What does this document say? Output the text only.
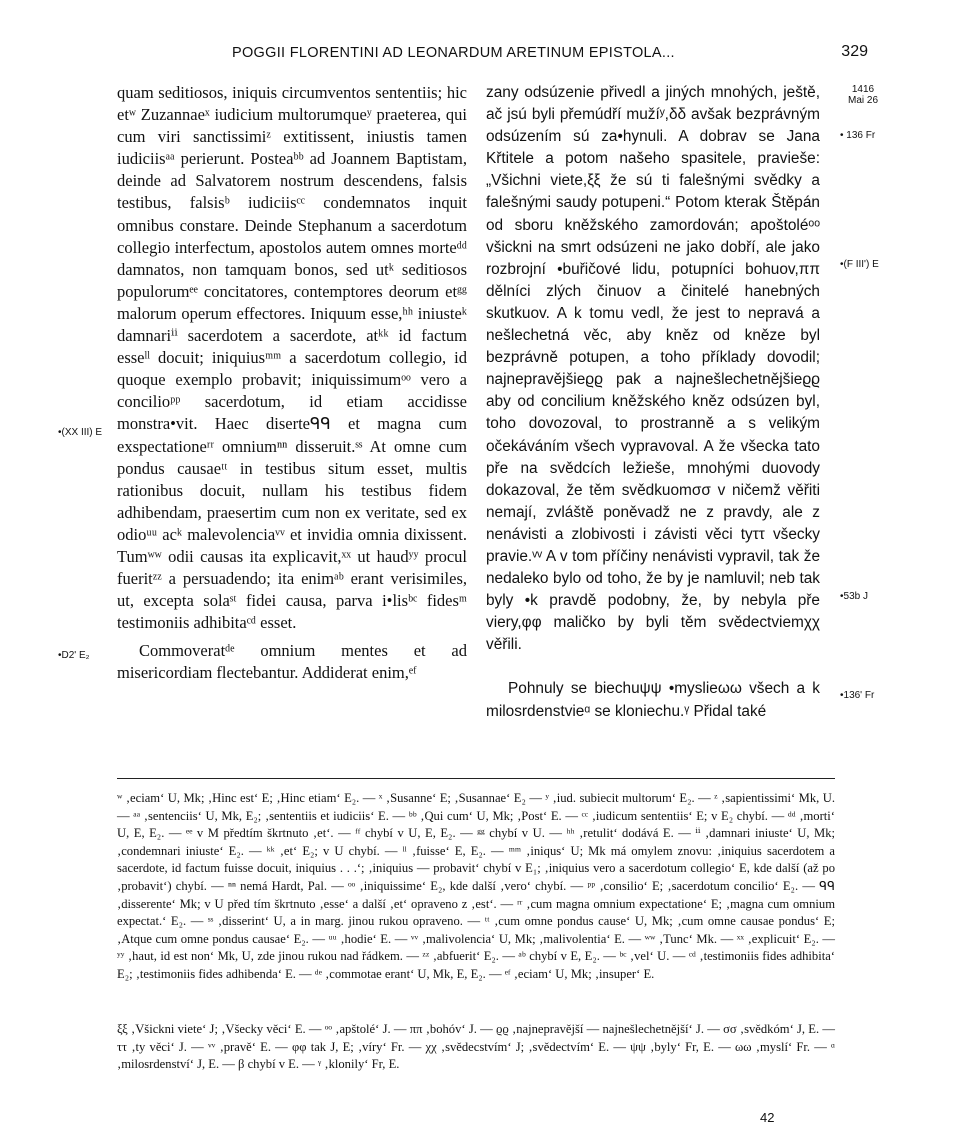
POGGII FLORENTINI AD LEONARDUM ARETINUM EPISTOLA...	329
•(XX III) E
•D2' E₂

quam seditiosos, iniquis circumventos sententiis; hic etʷ Zuzannaeˣ iudicium multorumqueʸ praeterea, qui cum viri sanctissimiᶻ extitissent, iniustis tamen iudiciisᵃᵃ perierunt. Posteaᵇᵇ ad Joannem Baptistam, deinde ad Salvatorem nostrum descendens, falsis testibus, falsisᵇ iudiciisᶜᶜ condemnatos inquit omnibus constare. Deinde Stephanum a sacerdotum collegio interfectum, apostolos autem omnes morteᵈᵈ damnatos, non tamquam bonos, sed utᵏ seditiosos populorumᵉᵉ concitatores, contemptores deorum etᵍᵍ malorum operum effectores. Iniquum esse,ʰʰ iniusteᵏ damnariⁱⁱ sacerdotem a sacerdote, atᵏᵏ id factum esseˡˡ docuit; iniquiusᵐᵐ a sacerdotum collegio, id quoque exemplo probavit; iniquissimumᵒᵒ vero a concilioᵖᵖ sacerdotum, id etiam accidisse monstra•vit. Haec diserteᑫᑫ et magna cum exspectationeʳʳ omniumⁿⁿ disseruit.ˢˢ At omne cum pondus causaeᵗᵗ in testibus situm esset, multis rationibus docuit, nullam his testibus fidem adhibendam, praesertim cum non ex veritate, sed ex odioᵘᵘ acᵏ malevolenciaᵛᵛ et invidia omnia dixissent. Tumʷʷ odii causas ita explicavit,ˣˣ ut haudʸʸ procul fueritᶻᶻ a persuadendo; ita enimᵃᵇ erant verisimiles, ut, excepta solaˢᵗ fidei causa, parva i•lisᵇᶜ fidesᵐ testimoniis adhibitaᶜᵈ esset.

Commoveratᵈᵉ omnium mentes et ad misericordiam flectebantur. Addiderat enim,ᵉᶠ

zany odsúzenie přivedl a jiných mnohých, ještě, ač jsú byli přemúdří mužíʸ,δδ avšak bezprávným odsúzením sú za•hynuli. A dobrav se Jana Křtitele a potom našeho spasitele, pravieše: „Všichni viete,ξξ že sú ti falešnými svědky a falešnými saudy potupeni.“ Potom kterak Štěpán od sboru kněžského zamordován; apoštoléᵒᵒ všickni na smrt odsúzeni ne jako dobří, ale jako rozbrojní •buřičové lidu, potupníci bohuov,ππ dělníci zlých činuov a činitelé hanebných skutkuov. A k tomu vedl, že jest to nepravá a nešlechetná věc, aby kněz od kněze byl bezprávně potupen, a toho příklady dovodil; najnepravějšieϱϱ pak a najnešlechetnějšieϱϱ aby od concilium kněžského kněz odsúzen byl, toho dovozoval, to prostranně a s velikým očekáváním všech vypravoval. A že všecka tato pře na svědcích ležieše, mnohými duovody dokazoval, že těm svědkuomσσ v ničemž věřiti nemají, zvláště poněvadž ne z pravdy, ale z nenávisti a zlobivosti i závisti věci tyττ všecky pravie.ᵛᵛ A v tom příčiny nenávisti vypravil, tak že nedaleko bylo od toho, že by je namluvil; neb tak byly •k pravdě podobny, že, by nebyla pře viery,φφ maličko by byli těm svědectviemχχ věřili.

Pohnuly se biechuψψ •myslieωω všech a k milosrdenstvieᵅ se kloniechu.ᵞ Přidal také

1416
Mai 26
• 136 Fr
•(F III') E
•53b J
•136' Fr

ʷ ‚eciam‘ U, Mk; ‚Hinc est‘ E; ‚Hinc etiam‘ E₂. — ˣ ‚Susanne‘ E; ‚Susannae‘ E₂ — ʸ ‚iud. subiecit multorum‘ E₂. — ᶻ ‚sapientissimi‘ Mk, U. — ᵃᵃ ‚sentenciis‘ U, Mk, E₂; ‚sententiis et iudiciis‘ E. — ᵇᵇ ‚Qui cum‘ U, Mk; ‚Post‘ E. — ᶜᶜ ‚iudicum sententiis‘ E; v E₂ chybí. — ᵈᵈ ‚morti‘ U, E, E₂. — ᵉᵉ v M předtím škrtnuto ‚et‘. — ᶠᶠ chybí v U, E, E₂. — ᵍᵍ chybí v U. — ʰʰ ‚retulit‘ dodává E. — ⁱⁱ ‚damnari iniuste‘ U, Mk; ‚condemnari iniuste‘ E₂. — ᵏᵏ ‚et‘ E₂; v U chybí. — ˡˡ ‚fuisse‘ E, E₂. — ᵐᵐ ‚iniqus‘ U; Mk má omylem znovu: ‚iniquius sacerdotem a sacerdote, id factum fuisse docuit, iniquius . . .‘; ‚iniquius — probavit‘ chybí v E₁; ‚iniquius vero a sacerdotum collegio‘ E, kde další (až po ‚probavit‘) chybí. — ⁿⁿ nemá Hardt, Pal. — ᵒᵒ ‚iniquissime‘ E₂, kde další ‚vero‘ chybí. — ᵖᵖ ‚consilio‘ E; ‚sacerdotum concilio‘ E₂. — ᑫᑫ ‚disserente‘ Mk; v U před tím škrtnuto ‚esse‘ a další ‚et‘ opraveno z ‚est‘. — ʳʳ ‚cum magna omnium expectatione‘ E; ‚magna cum omnium expectat.‘ E₂. — ˢˢ ‚disserint‘ U, a in marg. jinou rukou opraveno. — ᵗᵗ ‚cum omne pondus cause‘ U, Mk; ‚cum omne causae pondus‘ E; ‚Atque cum omne pondus causae‘ E₂. — ᵘᵘ ‚hodie‘ E. — ᵛᵛ ‚malivolencia‘ U, Mk; ‚malivolentia‘ E. — ʷʷ ‚Tunc‘ Mk. — ˣˣ ‚explicuit‘ E₂. — ʸʸ ‚haut, id est non‘ Mk, U, zde jinou rukou nad řádkem. — ᶻᶻ ‚abfuerit‘ E₂. — ᵃᵇ chybí v E, E₂. — ᵇᶜ ‚vel‘ U. — ᶜᵈ ‚testimoniis fides adhibita‘ E₂; ‚testimoniis fides adhibenda‘ E. — ᵈᵉ ‚commotae erant‘ U, Mk, E, E₂. — ᵉᶠ ‚eciam‘ U, Mk; ‚insuper‘ E.

ξξ ‚Všickni viete‘ J; ‚Všecky věci‘ E. — ᵒᵒ ‚apštolé‘ J. — ππ ‚bohóv‘ J. — ϱϱ ‚najnepravější — najnešlechetnější‘ J. — σσ ‚svědkóm‘ J, E. — ττ ‚ty věci‘ J. — ᵛᵛ ‚pravě‘ E. — φφ tak J, E; ‚víry‘ Fr. — χχ ‚svědecstvím‘ J; ‚svědectvím‘ E. — ψψ ‚byly‘ Fr, E. — ωω ‚myslí‘ Fr. — ᵅ ‚milosrdenství‘ J, E. — β chybí v E. — ᵞ ‚klonily‘ Fr, E.

42
